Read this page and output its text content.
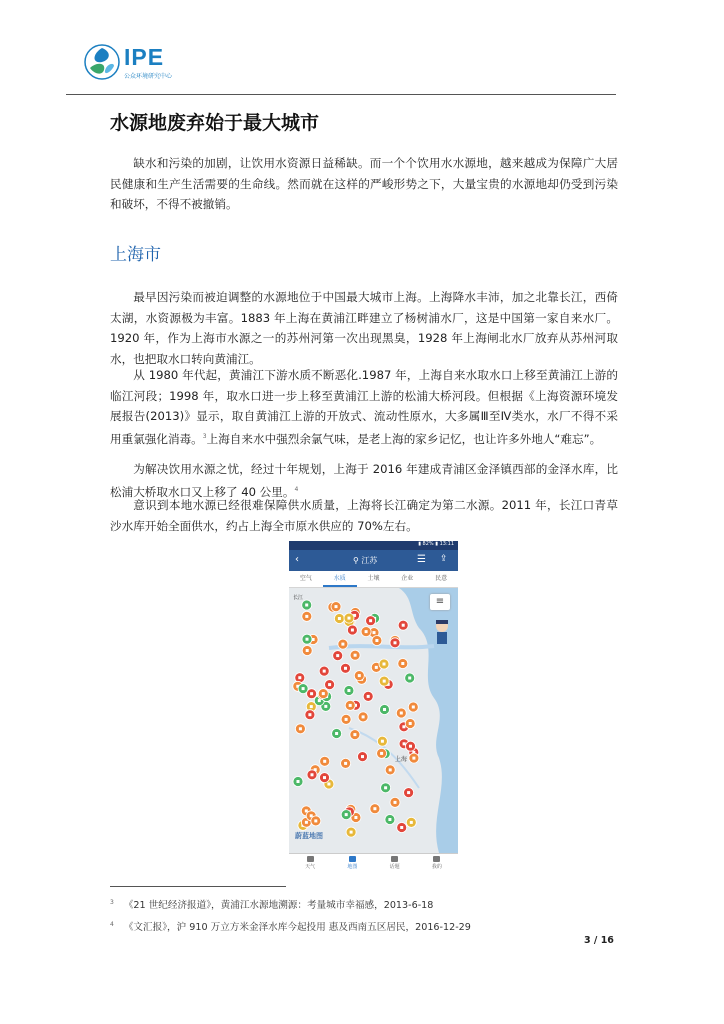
IPE
公众环境研究中心
水源地废弃始于最大城市

缺水和污染的加剧，让饮用水资源日益稀缺。而一个个饮用水水源地，越来越成为保障广大居民健康和生产生活需要的生命线。然而就在这样的严峻形势之下，大量宝贵的水源地却仍受到污染和破坏，不得不被撤销。

上海市

最早因污染而被迫调整的水源地位于中国最大城市上海。上海降水丰沛，加之北靠长江，西倚太湖，水资源极为丰富。1883 年上海在黄浦江畔建立了杨树浦水厂，这是中国第一家自来水厂。1920 年，作为上海市水源之一的苏州河第一次出现黑臭，1928 年上海闸北水厂放弃从苏州河取水，也把取水口转向黄浦江。

从 1980 年代起，黄浦江下游水质不断恶化.1987 年，上海自来水取水口上移至黄浦江上游的临江河段；1998 年，取水口进一步上移至黄浦江上游的松浦大桥河段。但根据《上海资源环境发展报告(2013)》显示，取自黄浦江上游的开放式、流动性原水，大多属Ⅲ至Ⅳ类水，水厂不得不采用重氯强化消毒。$^3$上海自来水中强烈余氯气味，是老上海的家乡记忆，也让许多外地人“难忘”。

为解决饮用水源之忧，经过十年规划，上海于 2016 年建成青浦区金泽镇西部的金泽水库，比松浦大桥取水口又上移了 40 公里。$^4$

意识到本地水源已经很难保障供水质量，上海将长江确定为第二水源。2011 年，长江口青草沙水库开始全面供水，约占上海全市原水供应的 70%左右。

▮ 82% ▮ 13:11
‹	⚲ 江苏	☰ ⇪
空气	水质	土壤	企业	民意
长江	≡
上海
蔚蓝地图
天气	地图	话题	我的

$^3$ 《21 世纪经济报道》，黄浦江水源地溯源：考量城市幸福感，2013-6-18

$^4$ 《文汇报》，沪 910 万立方米金泽水库今起投用 惠及西南五区居民，2016-12-29

3 / 16
